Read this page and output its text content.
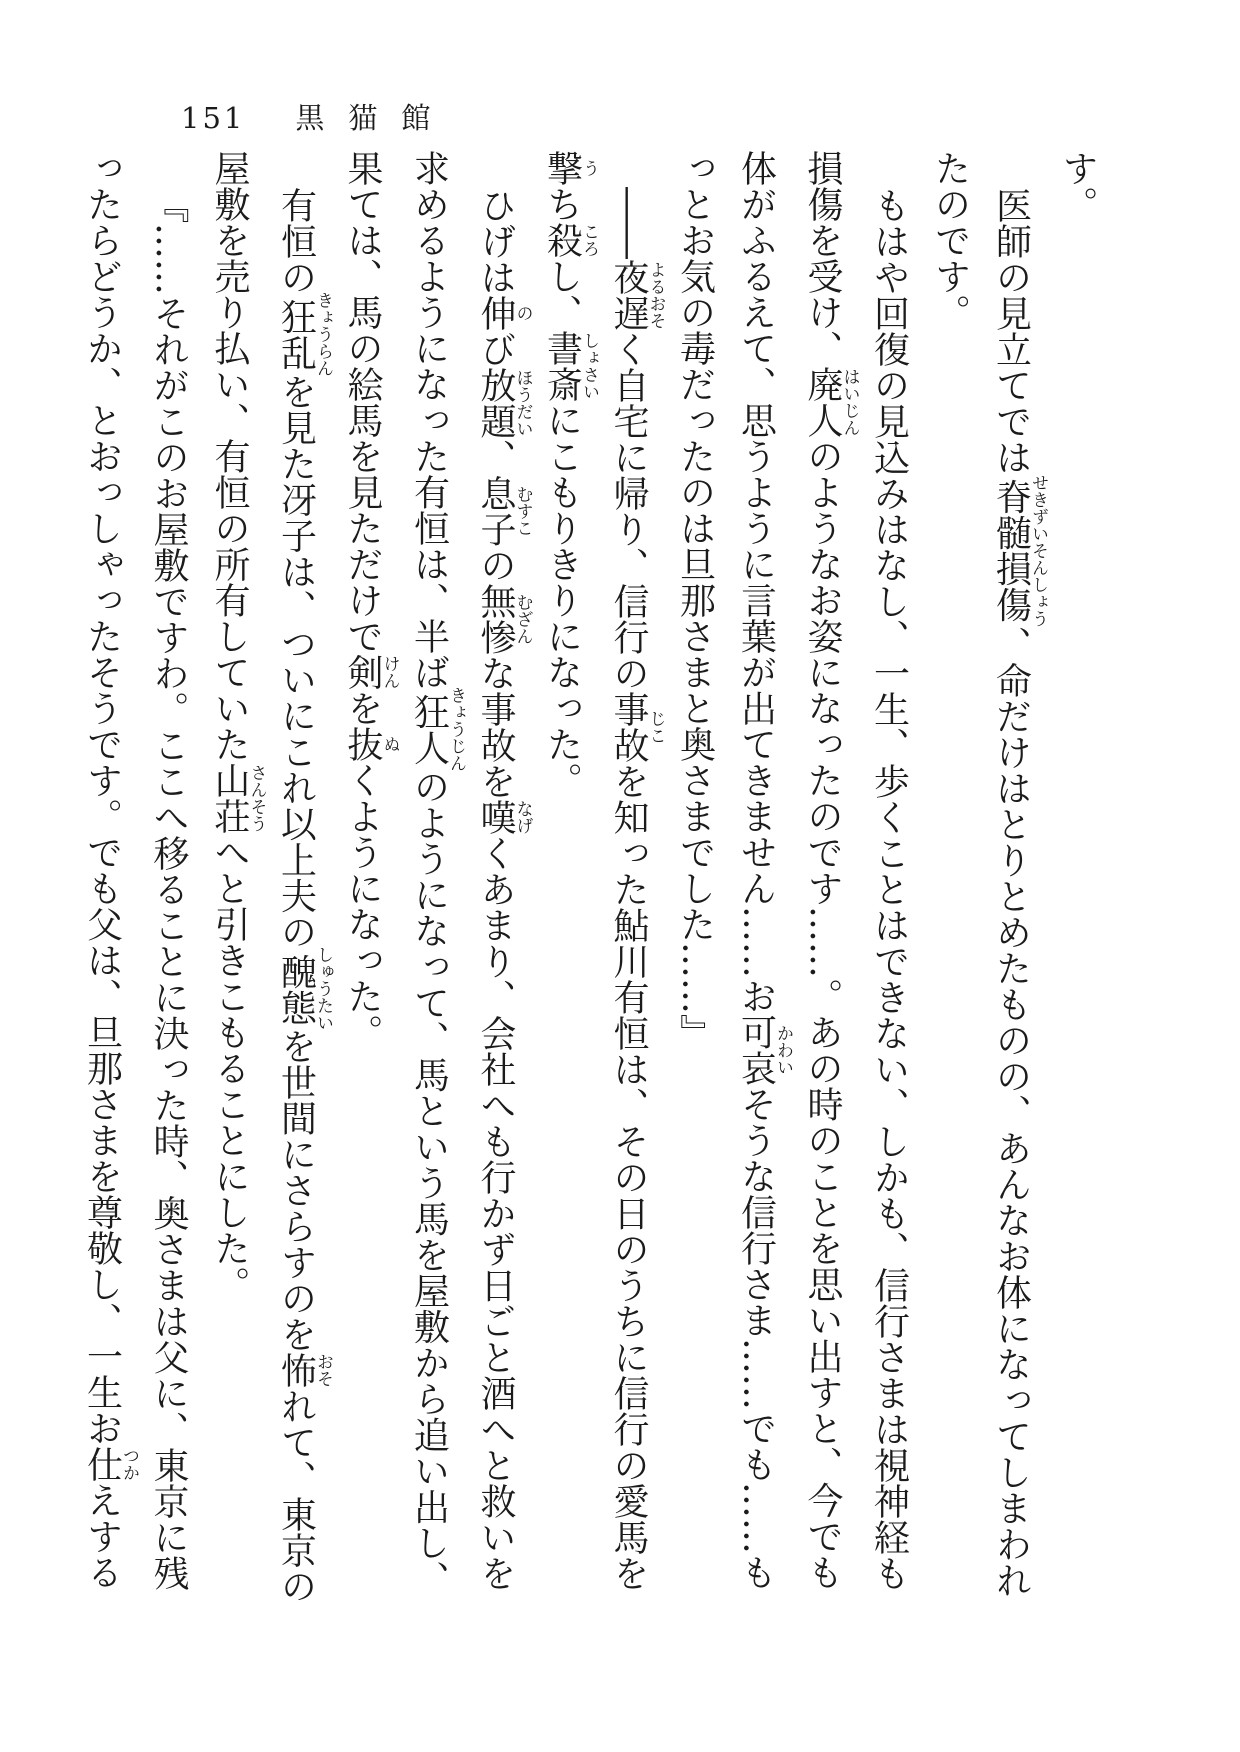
151 黒猫館
す。
医師の見立てでは脊髄損傷せきずいそんしょう、命だけはとりとめたものの、あんなお体になってしまわれ
たのです。
もはや回復の見込みはなし、一生、歩くことはできない、しかも、信行さまは視神経も
損傷を受け、廃人はいじんのようなお姿になったのです……。あの時のことを思い出すと、今でも
体がふるえて、思うように言葉が出てきません……お可哀かわいそうな信行さま……でも……も
っとお気の毒だったのは旦那さまと奥さまでした……』
――夜遅よるおそく自宅に帰り、信行の事故じこを知った鮎川有恒は、その日のうちに信行の愛馬を
撃うち殺ころし、書斎しょさいにこもりきりになった。
ひげは伸のび放題ほうだい、息子むすこの無惨むざんな事故を嘆なげくあまり、会社へも行かず日ごと酒へと救いを
求めるようになった有恒は、半ば狂人きょうじんのようになって、馬という馬を屋敷から追い出し、
果ては、馬の絵馬を見ただけで剣けんを抜ぬくようになった。
有恒の狂乱きょうらんを見た冴子は、ついにこれ以上夫の醜態しゅうたいを世間にさらすのを怖おそれて、東京の
屋敷を売り払い、有恒の所有していた山荘さんそうへと引きこもることにした。
『……それがこのお屋敷ですわ。ここへ移ることに決った時、奥さまは父に、東京に残
ったらどうか、とおっしゃったそうです。でも父は、旦那さまを尊敬し、一生お仕つかえする
